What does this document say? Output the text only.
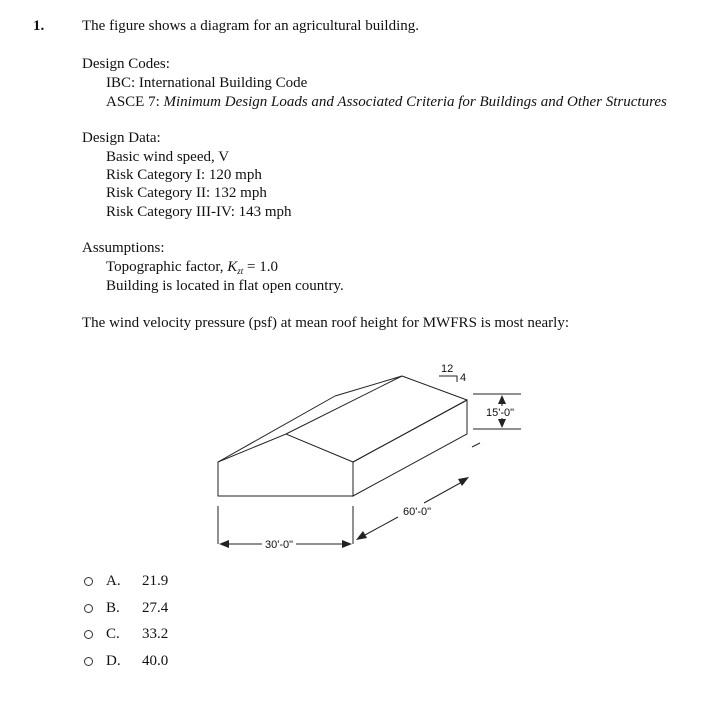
1.	The figure shows a diagram for an agricultural building.
Design Codes:
IBC: International Building Code
ASCE 7: Minimum Design Loads and Associated Criteria for Buildings and Other Structures
Design Data:
Basic wind speed, V
Risk Category I: 120 mph
Risk Category II: 132 mph
Risk Category III-IV: 143 mph
Assumptions:
Topographic factor, $K_{zt} = 1.0$
Building is located in flat open country.
The wind velocity pressure (psf) at mean roof height for MWFRS is most nearly:
12
4
15'-0"
60'-0"
30'-0"
A.	21.9
B.	27.4
C.	33.2
D.	40.0
